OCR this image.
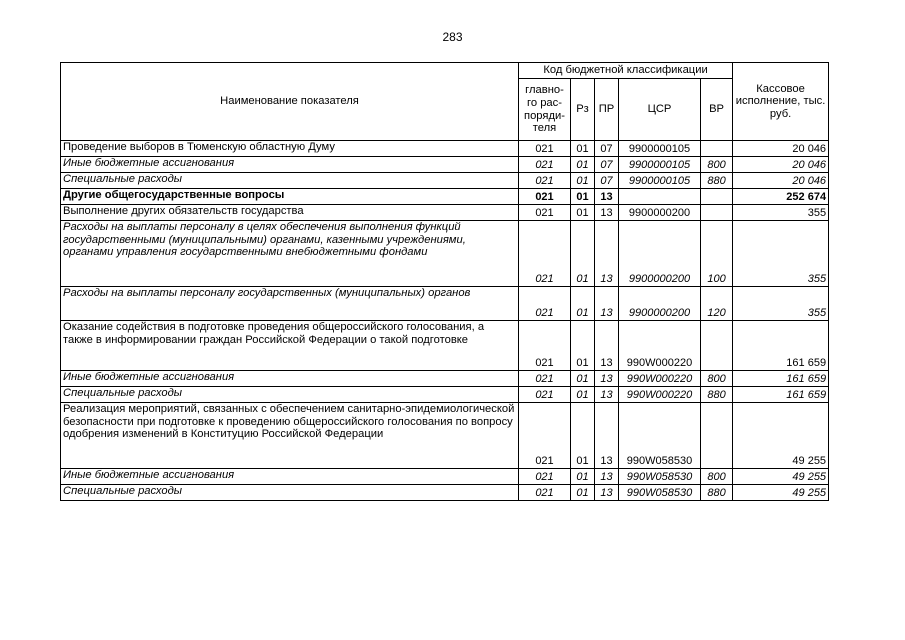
283
Наименование показателя	Код бюджетной классификации					Кассовое исполнение, тыс. руб.
	главно-го рас-поряди-теля	Рз	ПР	ЦСР	ВР	
Проведение выборов в Тюменскую областную Думу	021	01	07	9900000105		20 046
Иные бюджетные ассигнования	021	01	07	9900000105	800	20 046
Специальные расходы	021	01	07	9900000105	880	20 046
Другие общегосударственные вопросы	021	01	13			252 674
Выполнение других обязательств государства	021	01	13	9900000200		355
Расходы на выплаты персоналу в целях обеспечения выполнения функций государственными (муниципальными) органами, казенными учреждениями, органами управления государственными внебюджетными фондами	021	01	13	9900000200	100	355
Расходы на выплаты персоналу государственных (муниципальных) органов	021	01	13	9900000200	120	355
Оказание содействия в подготовке проведения общероссийского голосования, а также в информировании граждан Российской Федерации о такой подготовке	021	01	13	990W000220		161 659
Иные бюджетные ассигнования	021	01	13	990W000220	800	161 659
Специальные расходы	021	01	13	990W000220	880	161 659
Реализация мероприятий, связанных с обеспечением санитарно-эпидемиологической безопасности при подготовке к проведению общероссийского голосования по вопросу одобрения изменений в Конституцию Российской Федерации	021	01	13	990W058530		49 255
Иные бюджетные ассигнования	021	01	13	990W058530	800	49 255
Специальные расходы	021	01	13	990W058530	880	49 255
